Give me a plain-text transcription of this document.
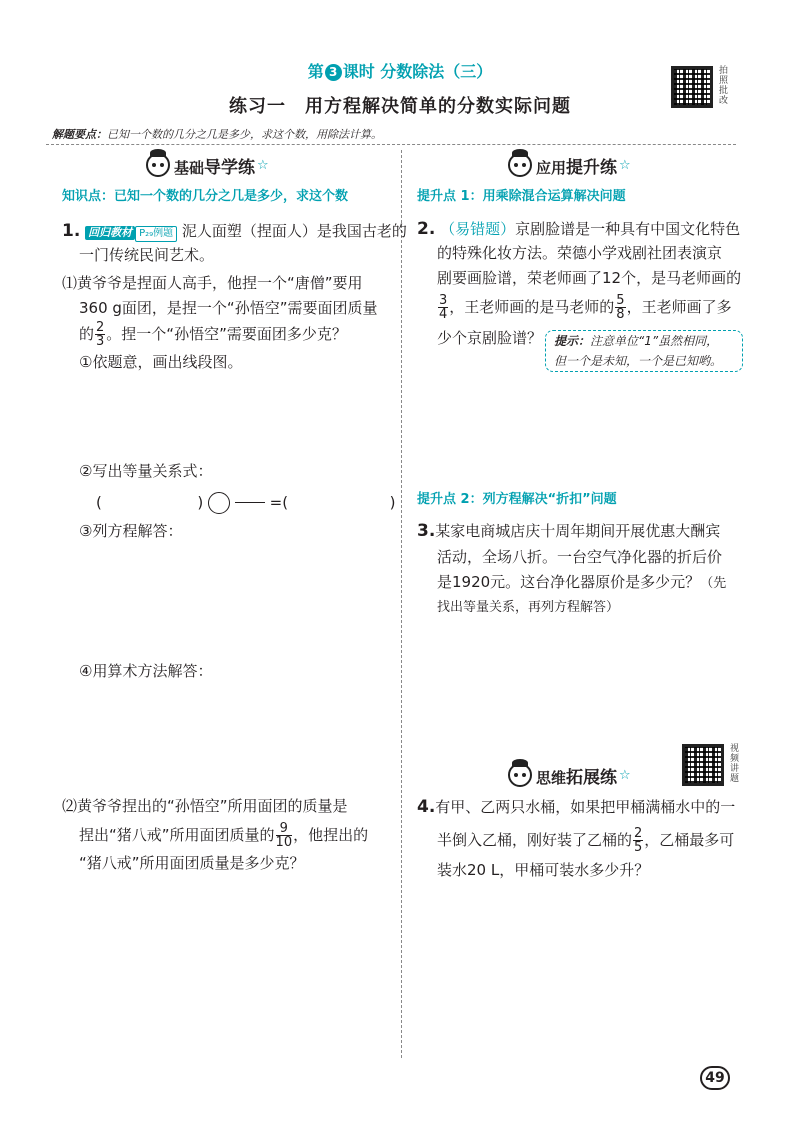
第 3 课时 分数除法（三）
练习一　用方程解决简单的分数实际问题
拍照批改
解题要点：已知一个数的几分之几是多少，求这个数，用除法计算。
基础导学练 ☆
知识点：已知一个数的几分之几是多少，求这个数
1. 回归教材 P₂₉例题 泥人面塑（捏面人）是我国古老的
一门传统民间艺术。
⑴黄爷爷是捏面人高手，他捏一个“唐僧”要用
360 g面团，是捏一个“孙悟空”需要面团质量
的 $\frac{2}{3}$ 。捏一个“孙悟空”需要面团多少克？
①依题意，画出线段图。
②写出等量关系式：
(	)	=(	)
③列方程解答：
④用算术方法解答：
⑵黄爷爷捏出的“孙悟空”所用面团的质量是
捏出“猪八戒”所用面团质量的 $\frac{9}{10}$ ，他捏出的
“猪八戒”所用面团质量是多少克？
应用提升练 ☆
提升点 1：用乘除混合运算解决问题
2. （易错题）京剧脸谱是一种具有中国文化特色
的特殊化妆方法。荣德小学戏剧社团表演京
剧要画脸谱，荣老师画了12个，是马老师画的
$\frac{3}{4}$ ，王老师画的是马老师的 $\frac{5}{8}$ ，王老师画了多
少个京剧脸谱？ 提示：注意单位“1”虽然相同，
但一个是未知，一个是已知哟。
提升点 2：列方程解决“折扣”问题
3.某家电商城店庆十周年期间开展优惠大酬宾
活动，全场八折。一台空气净化器的折后价
是1920元。这台净化器原价是多少元？（先
找出等量关系，再列方程解答）
思维拓展练 ☆
视频讲题
4.有甲、乙两只水桶，如果把甲桶满桶水中的一
半倒入乙桶，刚好装了乙桶的 $\frac{2}{5}$ ，乙桶最多可
装水20 L，甲桶可装水多少升？
49
